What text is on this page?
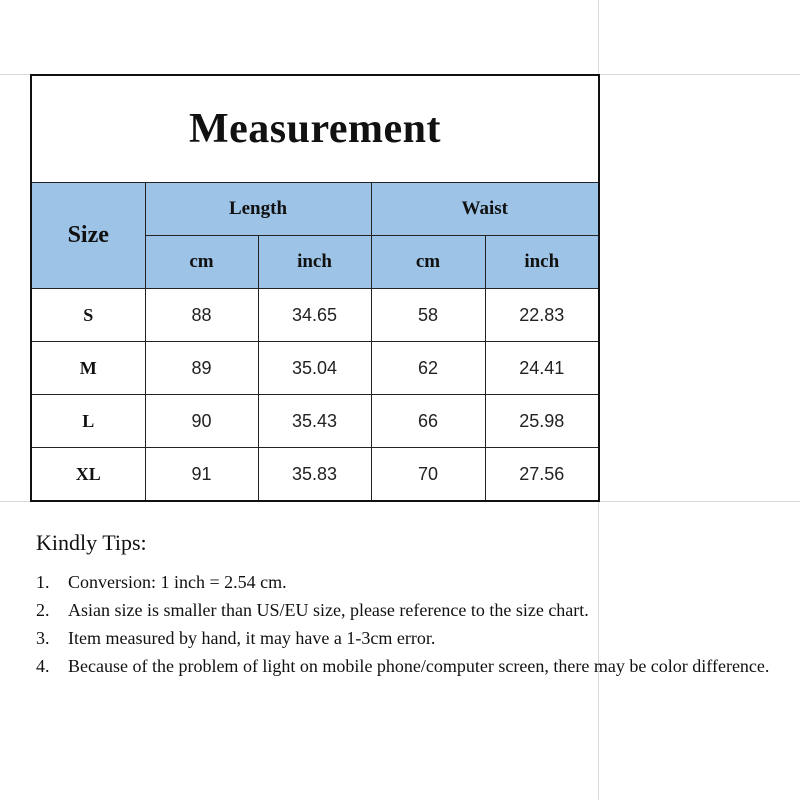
Measurement				
Size	Length		Waist	
	cm	inch	cm	inch
S	88	34.65	58	22.83
M	89	35.04	62	24.41
L	90	35.43	66	25.98
XL	91	35.83	70	27.56
Kindly Tips:
1.	Conversion: 1 inch = 2.54 cm.
2.	Asian size is smaller than US/EU size, please reference to the size chart.
3.	Item measured by hand, it may have a 1-3cm error.
4.	Because of the problem of light on mobile phone/computer screen, there may be color difference.
